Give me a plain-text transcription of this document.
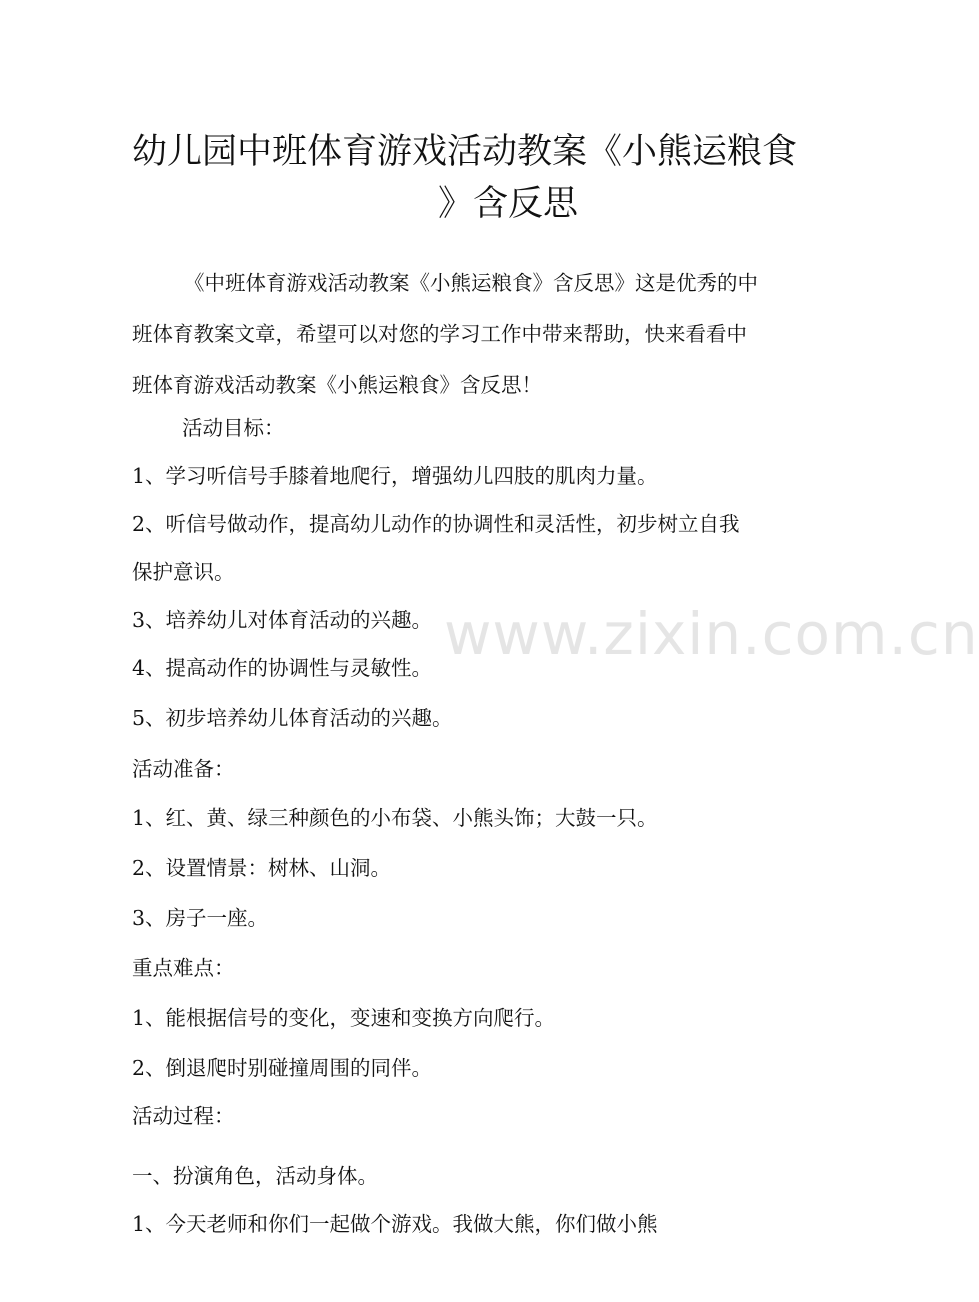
幼儿园中班体育游戏活动教案《小熊运粮食
》含反思
《中班体育游戏活动教案《小熊运粮食》含反思》这是优秀的中
班体育教案文章，希望可以对您的学习工作中带来帮助，快来看看中
班体育游戏活动教案《小熊运粮食》含反思！
活动目标：
1、学习听信号手膝着地爬行，增强幼儿四肢的肌肉力量。
2、听信号做动作，提高幼儿动作的协调性和灵活性，初步树立自我
保护意识。
3、培养幼儿对体育活动的兴趣。
4、提高动作的协调性与灵敏性。
5、初步培养幼儿体育活动的兴趣。
活动准备：
1、红、黄、绿三种颜色的小布袋、小熊头饰；大鼓一只。
2、设置情景：树林、山洞。
3、房子一座。
重点难点：
1、能根据信号的变化，变速和变换方向爬行。
2、倒退爬时别碰撞周围的同伴。
活动过程：
一、扮演角色，活动身体。
1、今天老师和你们一起做个游戏。我做大熊，你们做小熊
www.zixin.com.cn
